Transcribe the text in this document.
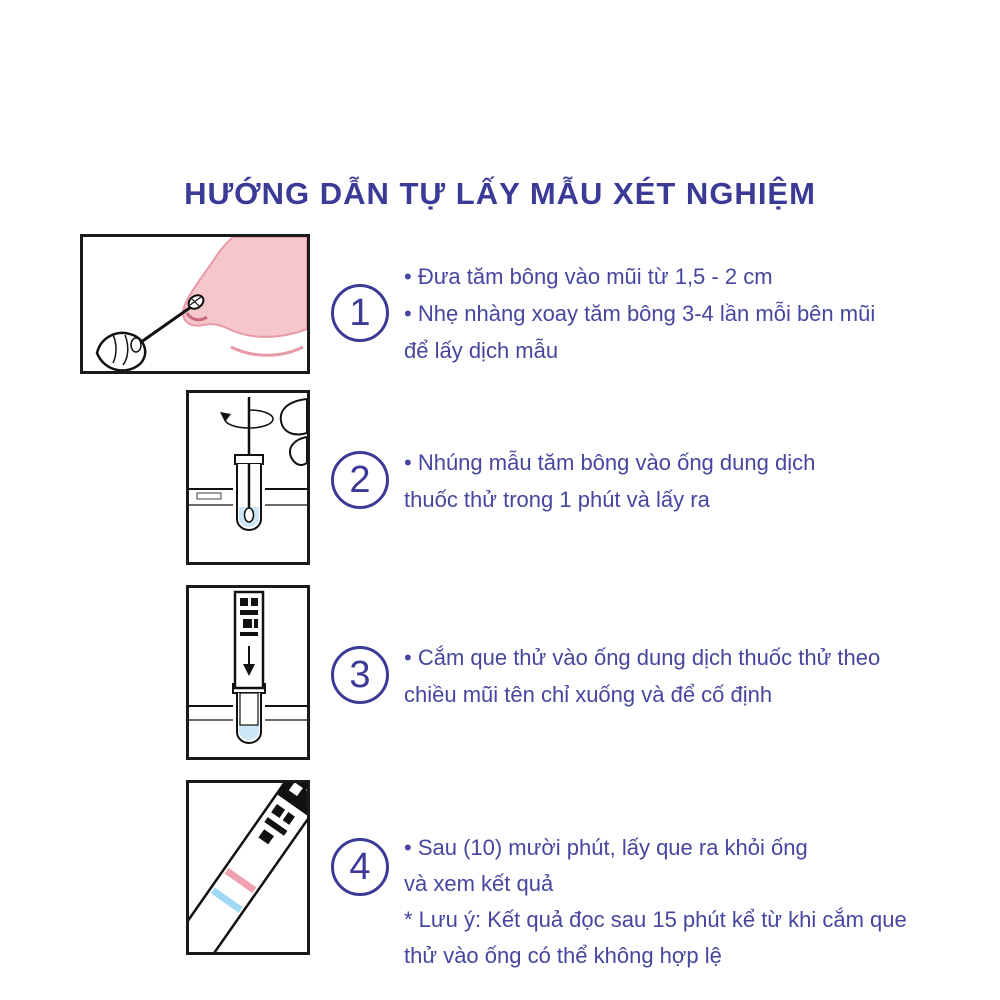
HƯỚNG DẪN TỰ LẤY MẪU XÉT NGHIỆM
1
• Đưa tăm bông vào mũi từ 1,5 - 2 cm
• Nhẹ nhàng xoay tăm bông 3-4 lần mỗi bên mũi
để lấy dịch mẫu
2 • Nhúng mẫu tăm bông vào ống dung dịch
thuốc thử trong 1 phút và lấy ra
3 • Cắm que thử vào ống dung dịch thuốc thử theo
chiều mũi tên chỉ xuống và để cố định
4 • Sau (10) mười phút, lấy que ra khỏi ống
và xem kết quả
* Lưu ý: Kết quả đọc sau 15 phút kể từ khi cắm que
thử vào ống có thể không hợp lệ
